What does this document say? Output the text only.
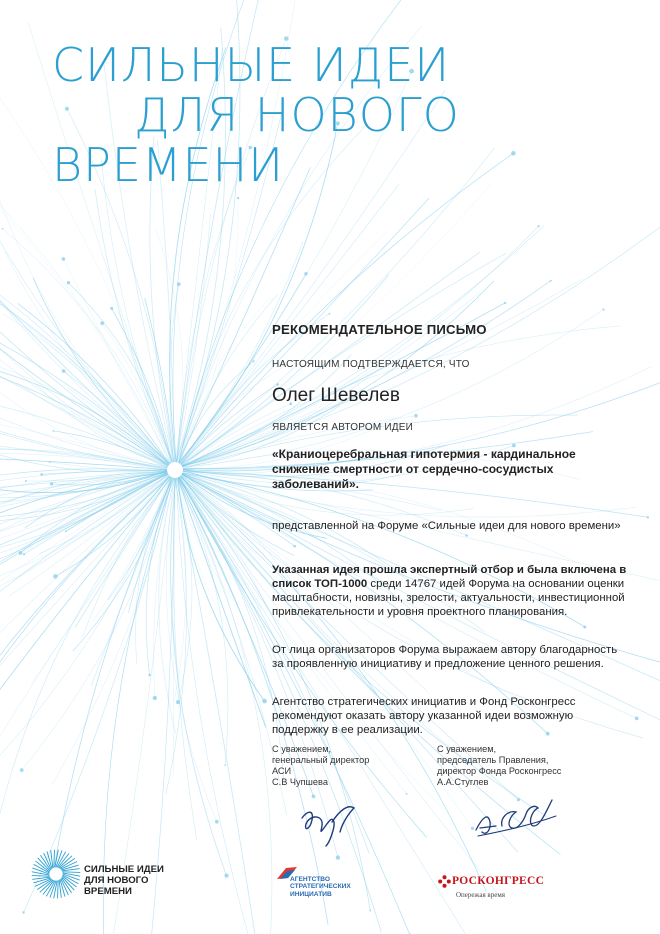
СИЛЬНЫЕ ИДЕИ
ДЛЯ НОВОГО
ВРЕМЕНИ
РЕКОМЕНДАТЕЛЬНОЕ ПИСЬМО
НАСТОЯЩИМ ПОДТВЕРЖДАЕТСЯ, ЧТО
Олег Шевелев
ЯВЛЯЕТСЯ АВТОРОМ ИДЕИ
«Краниоцеребральная гипотермия - кардинальное снижение смертности от сердечно-сосудистых заболеваний».
представленной на Форуме «Сильные идеи для нового времени»
Указанная идея прошла экспертный отбор и была включена в список ТОП-1000 среди 14767 идей Форума на основании оценки масштабности, новизны, зрелости, актуальности, инвестиционной привлекательности и уровня проектного планирования.
От лица организаторов Форума выражаем автору благодарность за проявленную инициативу и предложение ценного решения.
Агентство стратегических инициатив и Фонд Росконгресс рекомендуют оказать автору указанной идеи возможную поддержку в ее реализации.
С уважением,
генеральный директор
АСИ
С.В Чупшева
С уважением,
председатель Правления,
директор Фонда Росконгресс
А.А.Стуглев
СИЛЬНЫЕ ИДЕИ
ДЛЯ НОВОГО
ВРЕМЕНИ
АГЕНТСТВО
СТРАТЕГИЧЕСКИХ
ИНИЦИАТИВ
РОСКОНГРЕСС
Опережая время
